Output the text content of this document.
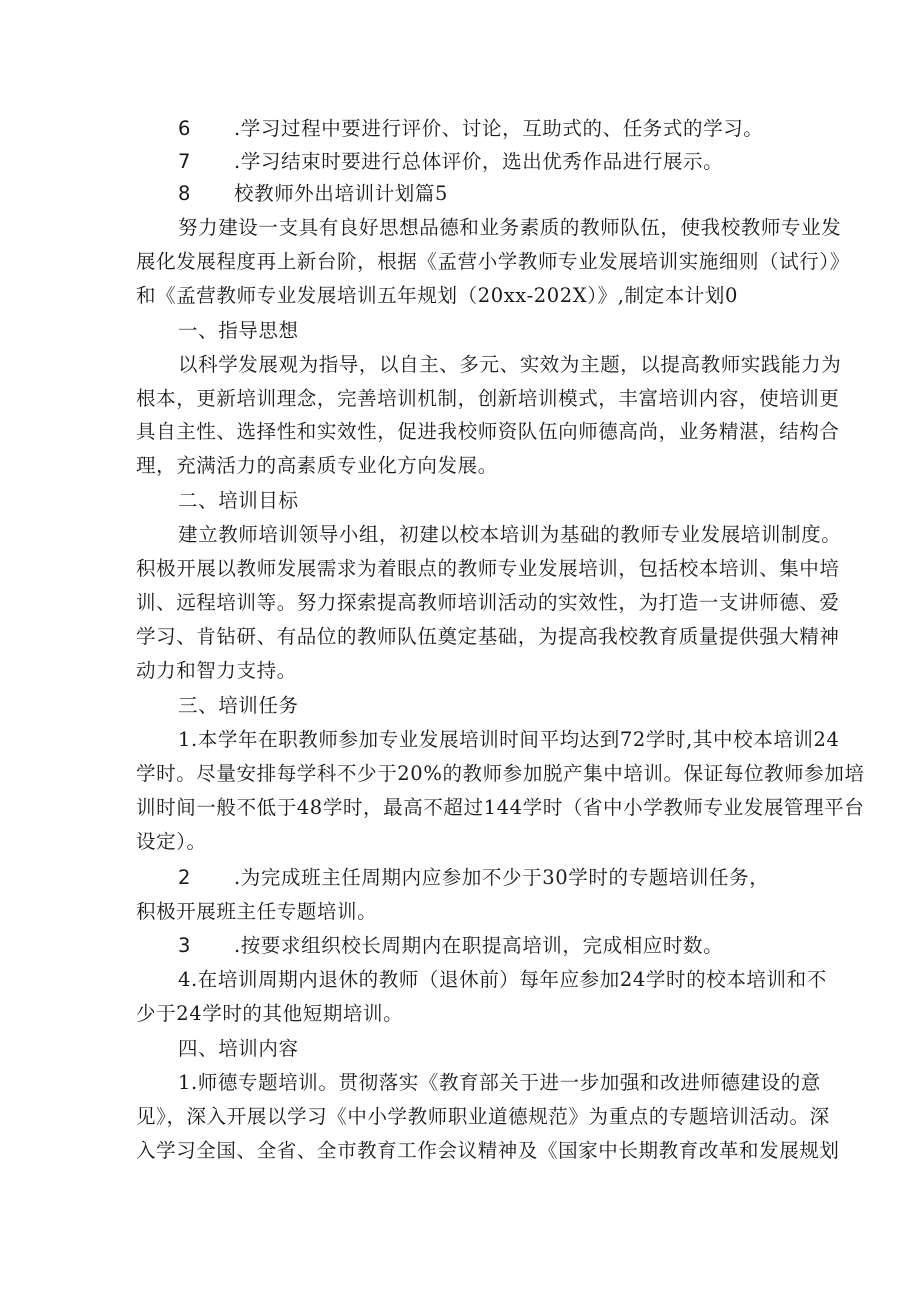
6 .学习过程中要进行评价、讨论，互助式的、任务式的学习。
7 .学习结束时要进行总体评价，选出优秀作品进行展示。
8 校教师外出培训计划篇5
努力建设一支具有良好思想品德和业务素质的教师队伍，使我校教师专业发
展化发展程度再上新台阶，根据《孟营小学教师专业发展培训实施细则（试行）》
和《孟营教师专业发展培训五年规划（20xx-202X）》,制定本计划0
一、指导思想
以科学发展观为指导，以自主、多元、实效为主题，以提高教师实践能力为
根本，更新培训理念，完善培训机制，创新培训模式，丰富培训内容，使培训更
具自主性、选择性和实效性，促进我校师资队伍向师德高尚，业务精湛，结构合
理，充满活力的高素质专业化方向发展。
二、培训目标
建立教师培训领导小组，初建以校本培训为基础的教师专业发展培训制度。
积极开展以教师发展需求为着眼点的教师专业发展培训，包括校本培训、集中培
训、远程培训等。努力探索提高教师培训活动的实效性，为打造一支讲师德、爱
学习、肯钻研、有品位的教师队伍奠定基础，为提高我校教育质量提供强大精神
动力和智力支持。
三、培训任务
1.本学年在职教师参加专业发展培训时间平均达到72学时,其中校本培训24
学时。尽量安排每学科不少于20%的教师参加脱产集中培训。保证每位教师参加培
训时间一般不低于48学时，最高不超过144学时（省中小学教师专业发展管理平台
设定）。
2 .为完成班主任周期内应参加不少于30学时的专题培训任务，
积极开展班主任专题培训。
3 .按要求组织校长周期内在职提高培训，完成相应时数。
4.在培训周期内退休的教师（退休前）每年应参加24学时的校本培训和不
少于24学时的其他短期培训。
四、培训内容
1.师德专题培训。贯彻落实《教育部关于进一步加强和改进师德建设的意
见》，深入开展以学习《中小学教师职业道德规范》为重点的专题培训活动。深
入学习全国、全省、全市教育工作会议精神及《国家中长期教育改革和发展规划
